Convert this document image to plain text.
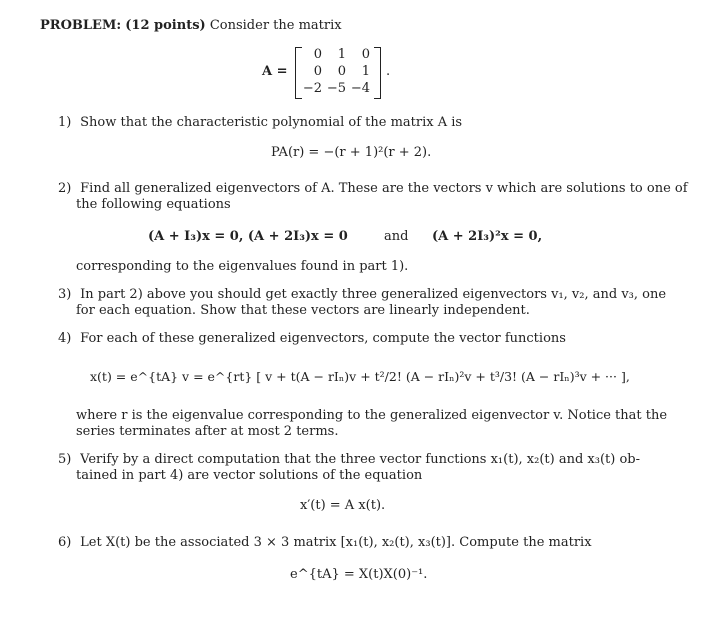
PROBLEM: (12 points) Consider the matrix
A =
0	1	0
0	0	1
−2 −5 −4
.
1) Show that the characteristic polynomial of the matrix A is
PA(r) = −(r + 1)²(r + 2).
2) Find all generalized eigenvectors of A. These are the vectors v which are solutions to one of
the following equations
(A + I₃)x = 0, (A + 2I₃)x = 0	and (A + 2I₃)²x = 0,
corresponding to the eigenvalues found in part 1).
3) In part 2) above you should get exactly three generalized eigenvectors v₁, v₂, and v₃, one
for each equation. Show that these vectors are linearly independent.
4) For each of these generalized eigenvectors, compute the vector functions
x(t) = e^{tA} v = e^{rt} [ v + t(A − rIₙ)v + t²/2! (A − rIₙ)²v + t³/3! (A − rIₙ)³v + ··· ],
where r is the eigenvalue corresponding to the generalized eigenvector v. Notice that the
series terminates after at most 2 terms.
5) Verify by a direct computation that the three vector functions x₁(t), x₂(t) and x₃(t) ob-
tained in part 4) are vector solutions of the equation
x′(t) = A x(t).
6) Let X(t) be the associated 3 × 3 matrix [x₁(t), x₂(t), x₃(t)]. Compute the matrix
e^{tA} = X(t)X(0)⁻¹.
